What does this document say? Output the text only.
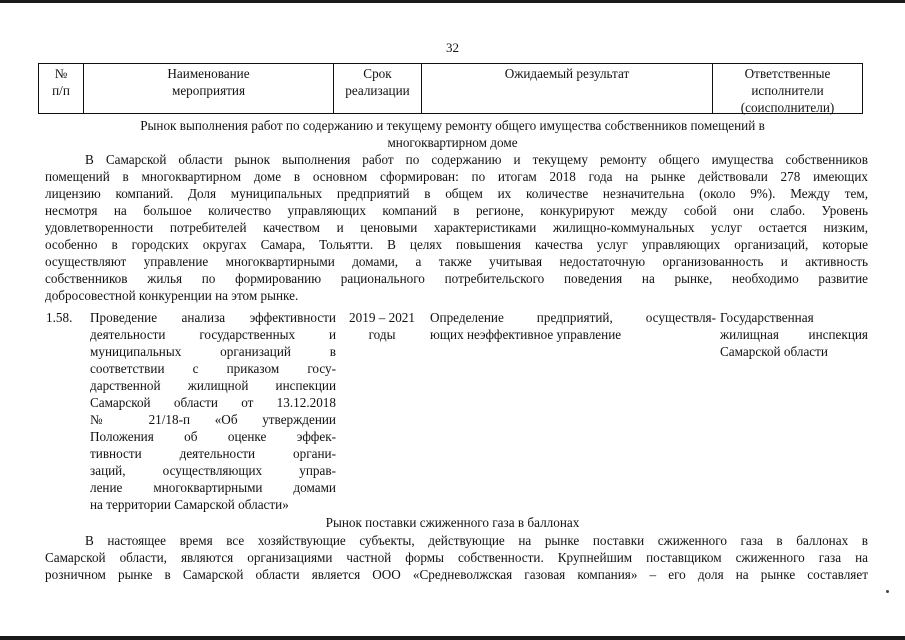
32
№
п/п
Наименование
мероприятия
Срок
реализации
Ожидаемый результат	Ответственные
исполнители
(соисполнители)
Рынок выполнения работ по содержанию и текущему ремонту общего имущества собственников помещений в
многоквартирном доме
В Самарской области рынок выполнения работ по содержанию и текущему ремонту общего имущества собственников
помещений в многоквартирном доме в основном сформирован: по итогам 2018 года на рынке действовали 278 имеющих
лицензию компаний. Доля муниципальных предприятий в общем их количестве незначительна (около 9%). Между тем,
несмотря на большое количество управляющих компаний в регионе, конкурируют между собой они слабо. Уровень
удовлетворенности потребителей качеством и ценовыми характеристиками жилищно-коммунальных услуг остается низким,
особенно в городских округах Самара, Тольятти. В целях повышения качества услуг управляющих организаций, которые
осуществляют управление многоквартирными домами, а также учитывая недостаточную организованность и активность
собственников жилья по формированию рационального потребительского поведения на рынке, необходимо развитие
добросовестной конкуренции на этом рынке.
1.58. Проведение анализа эффективности
деятельности государственных и
муниципальных организаций в
соответствии с приказом госу-
дарственной жилищной инспекции
Самарской области от 13.12.2018
№ 21/18-п «Об утверждении
Положения об оценке эффек-
тивности деятельности органи-
заций, осуществляющих управ-
ление многоквартирными домами
на территории Самарской области»
2019 – 2021
годы
Определение предприятий, осуществля-
ющих неэффективное управление
Государственная
жилищная инспекция
Самарской области
Рынок поставки сжиженного газа в баллонах
В настоящее время все хозяйствующие субъекты, действующие на рынке поставки сжиженного газа в баллонах в
Самарской области, являются организациями частной формы собственности. Крупнейшим поставщиком сжиженного газа на
розничном рынке в Самарской области является ООО «Средневолжская газовая компания» – его доля на рынке составляет
